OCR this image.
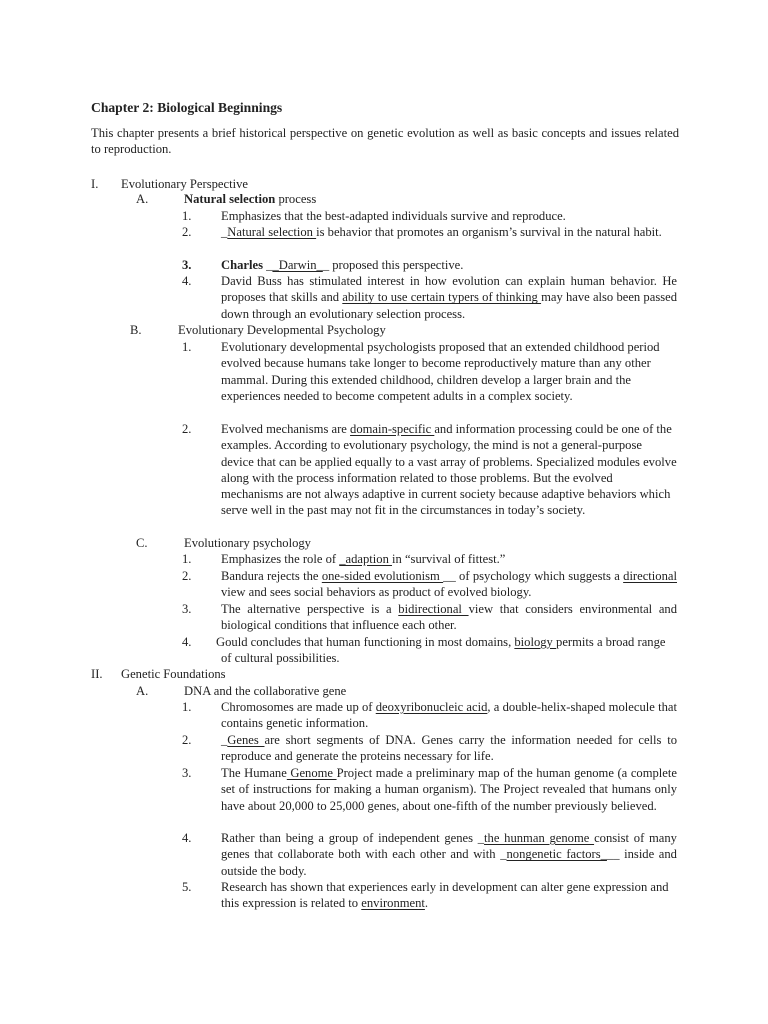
Chapter 2: Biological Beginnings
This chapter presents a brief historical perspective on genetic evolution as well as basic concepts and issues related to reproduction.
I. Evolutionary Perspective
A.	Natural selection process
1. Emphasizes that the best-adapted individuals survive and reproduce.
2. _Natural selection is behavior that promotes an organism’s survival in the natural habit.
3. Charles __Darwin__ proposed this perspective.
4. David Buss has stimulated interest in how evolution can explain human behavior. He proposes that skills and ability to use certain typers of thinking may have also been passed down through an evolutionary selection process.
B.	Evolutionary Developmental Psychology
1. Evolutionary developmental psychologists proposed that an extended childhood period evolved because humans take longer to become reproductively mature than any other mammal. During this extended childhood, children develop a larger brain and the experiences needed to become competent adults in a complex society.
2. Evolved mechanisms are domain-specific and information processing could be one of the examples. According to evolutionary psychology, the mind is not a general-purpose device that can be applied equally to a vast array of problems. Specialized modules evolve along with the process information related to those problems. But the evolved mechanisms are not always adaptive in current society because adaptive behaviors which serve well in the past may not fit in the circumstances in today’s society.
C.	Evolutionary psychology
1. Emphasizes the role of _adaption in “survival of fittest.”
2. Bandura rejects the one-sided evolutionism __ of psychology which suggests a directional view and sees social behaviors as product of evolved biology.
3. The alternative perspective is a bidirectional view that considers environmental and biological conditions that influence each other.
4. Gould concludes that human functioning in most domains, biology permits a broad range of cultural possibilities.
II. Genetic Foundations
A.	DNA and the collaborative gene
1. Chromosomes are made up of deoxyribonucleic acid, a double-helix-shaped molecule that contains genetic information.
2. _Genes are short segments of DNA. Genes carry the information needed for cells to reproduce and generate the proteins necessary for life.
3. The Humane Genome Project made a preliminary map of the human genome (a complete set of instructions for making a human organism). The Project revealed that humans only have about 20,000 to 25,000 genes, about one-fifth of the number previously believed.
4. Rather than being a group of independent genes _the hunman genome consist of many genes that collaborate both with each other and with _nongenetic factors___ inside and outside the body.
5. Research has shown that experiences early in development can alter gene expression and this expression is related to environment.
